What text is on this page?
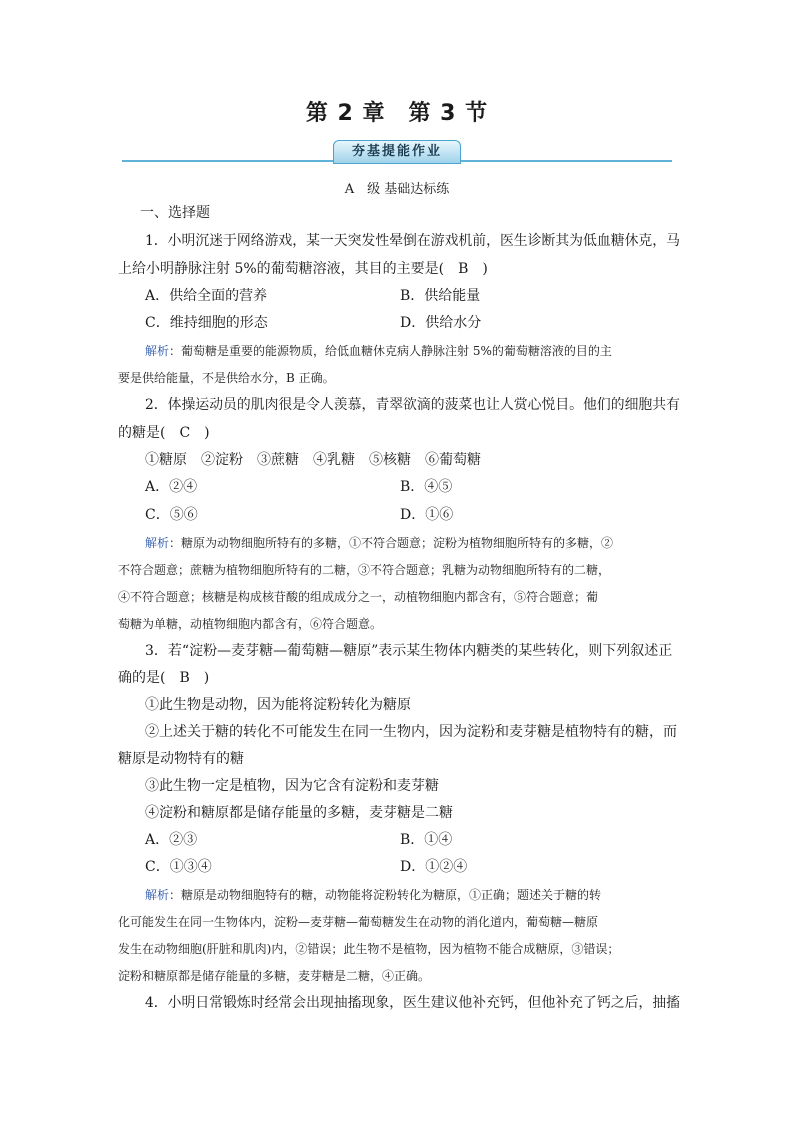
第 2 章　第 3 节
夯基提能作业
A　级 基础达标练
一、选择题
1．小明沉迷于网络游戏，某一天突发性晕倒在游戏机前，医生诊断其为低血糖休克，马
上给小明静脉注射 5%的葡萄糖溶液，其目的主要是(　B　)
A．供给全面的营养	B．供给能量
C．维持细胞的形态	D．供给水分
解析：葡萄糖是重要的能源物质，给低血糖休克病人静脉注射 5%的葡萄糖溶液的目的主
要是供给能量，不是供给水分，B 正确。
2．体操运动员的肌肉很是令人羡慕，青翠欲滴的菠菜也让人赏心悦目。他们的细胞共有
的糖是(　C　)
①糖原　②淀粉　③蔗糖　④乳糖　⑤核糖　⑥葡萄糖
A．②④	B．④⑤
C．⑤⑥	D．①⑥
解析：糖原为动物细胞所特有的多糖，①不符合题意；淀粉为植物细胞所特有的多糖，②
不符合题意；蔗糖为植物细胞所特有的二糖，③不符合题意；乳糖为动物细胞所特有的二糖，
④不符合题意；核糖是构成核苷酸的组成成分之一，动植物细胞内都含有，⑤符合题意；葡
萄糖为单糖，动植物细胞内都含有，⑥符合题意。
3．若“淀粉—麦芽糖—葡萄糖—糖原”表示某生物体内糖类的某些转化，则下列叙述正
确的是(　B　)
①此生物是动物，因为能将淀粉转化为糖原
②上述关于糖的转化不可能发生在同一生物内，因为淀粉和麦芽糖是植物特有的糖，而
糖原是动物特有的糖
③此生物一定是植物，因为它含有淀粉和麦芽糖
④淀粉和糖原都是储存能量的多糖，麦芽糖是二糖
A．②③	B．①④
C．①③④	D．①②④
解析：糖原是动物细胞特有的糖，动物能将淀粉转化为糖原，①正确；题述关于糖的转
化可能发生在同一生物体内，淀粉—麦芽糖—葡萄糖发生在动物的消化道内，葡萄糖—糖原
发生在动物细胞(肝脏和肌肉)内，②错误；此生物不是植物，因为植物不能合成糖原，③错误；
淀粉和糖原都是储存能量的多糖，麦芽糖是二糖，④正确。
4．小明日常锻炼时经常会出现抽搐现象，医生建议他补充钙，但他补充了钙之后，抽搐
